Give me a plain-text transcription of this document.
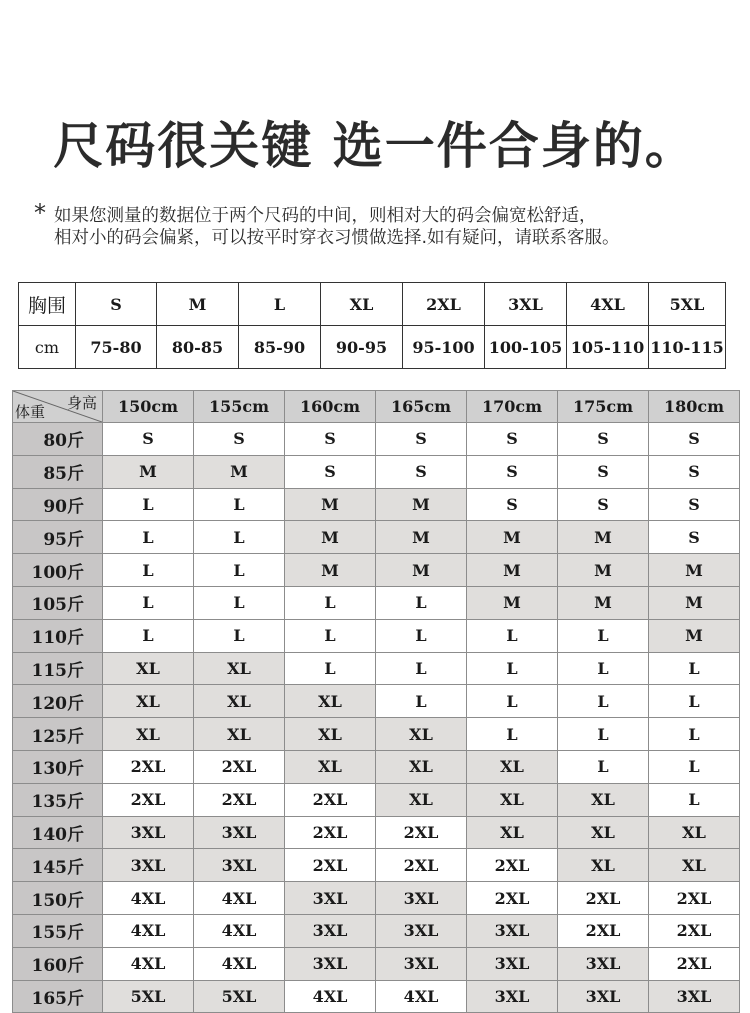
尺码很关键 选一件合身的。
* 如果您测量的数据位于两个尺码的中间，则相对大的码会偏宽松舒适，
相对小的码会偏紧，可以按平时穿衣习惯做选择.如有疑问，请联系客服。
胸围	S	M	L	XL	2XL	3XL	4XL	5XL
cm	75-80	80-85	85-90	90-95	95-100	100-105	105-110	110-115
身高
体重	150cm	155cm	160cm	165cm	170cm	175cm	180cm
80斤	S	S	S	S	S	S	S
85斤	M	M	S	S	S	S	S
90斤	L	L	M	M	S	S	S
95斤	L	L	M	M	M	M	S
100斤	L	L	M	M	M	M	M
105斤	L	L	L	L	M	M	M
110斤	L	L	L	L	L	L	M
115斤	XL	XL	L	L	L	L	L
120斤	XL	XL	XL	L	L	L	L
125斤	XL	XL	XL	XL	L	L	L
130斤	2XL	2XL	XL	XL	XL	L	L
135斤	2XL	2XL	2XL	XL	XL	XL	L
140斤	3XL	3XL	2XL	2XL	XL	XL	XL
145斤	3XL	3XL	2XL	2XL	2XL	XL	XL
150斤	4XL	4XL	3XL	3XL	2XL	2XL	2XL
155斤	4XL	4XL	3XL	3XL	3XL	2XL	2XL
160斤	4XL	4XL	3XL	3XL	3XL	3XL	2XL
165斤	5XL	5XL	4XL	4XL	3XL	3XL	3XL
